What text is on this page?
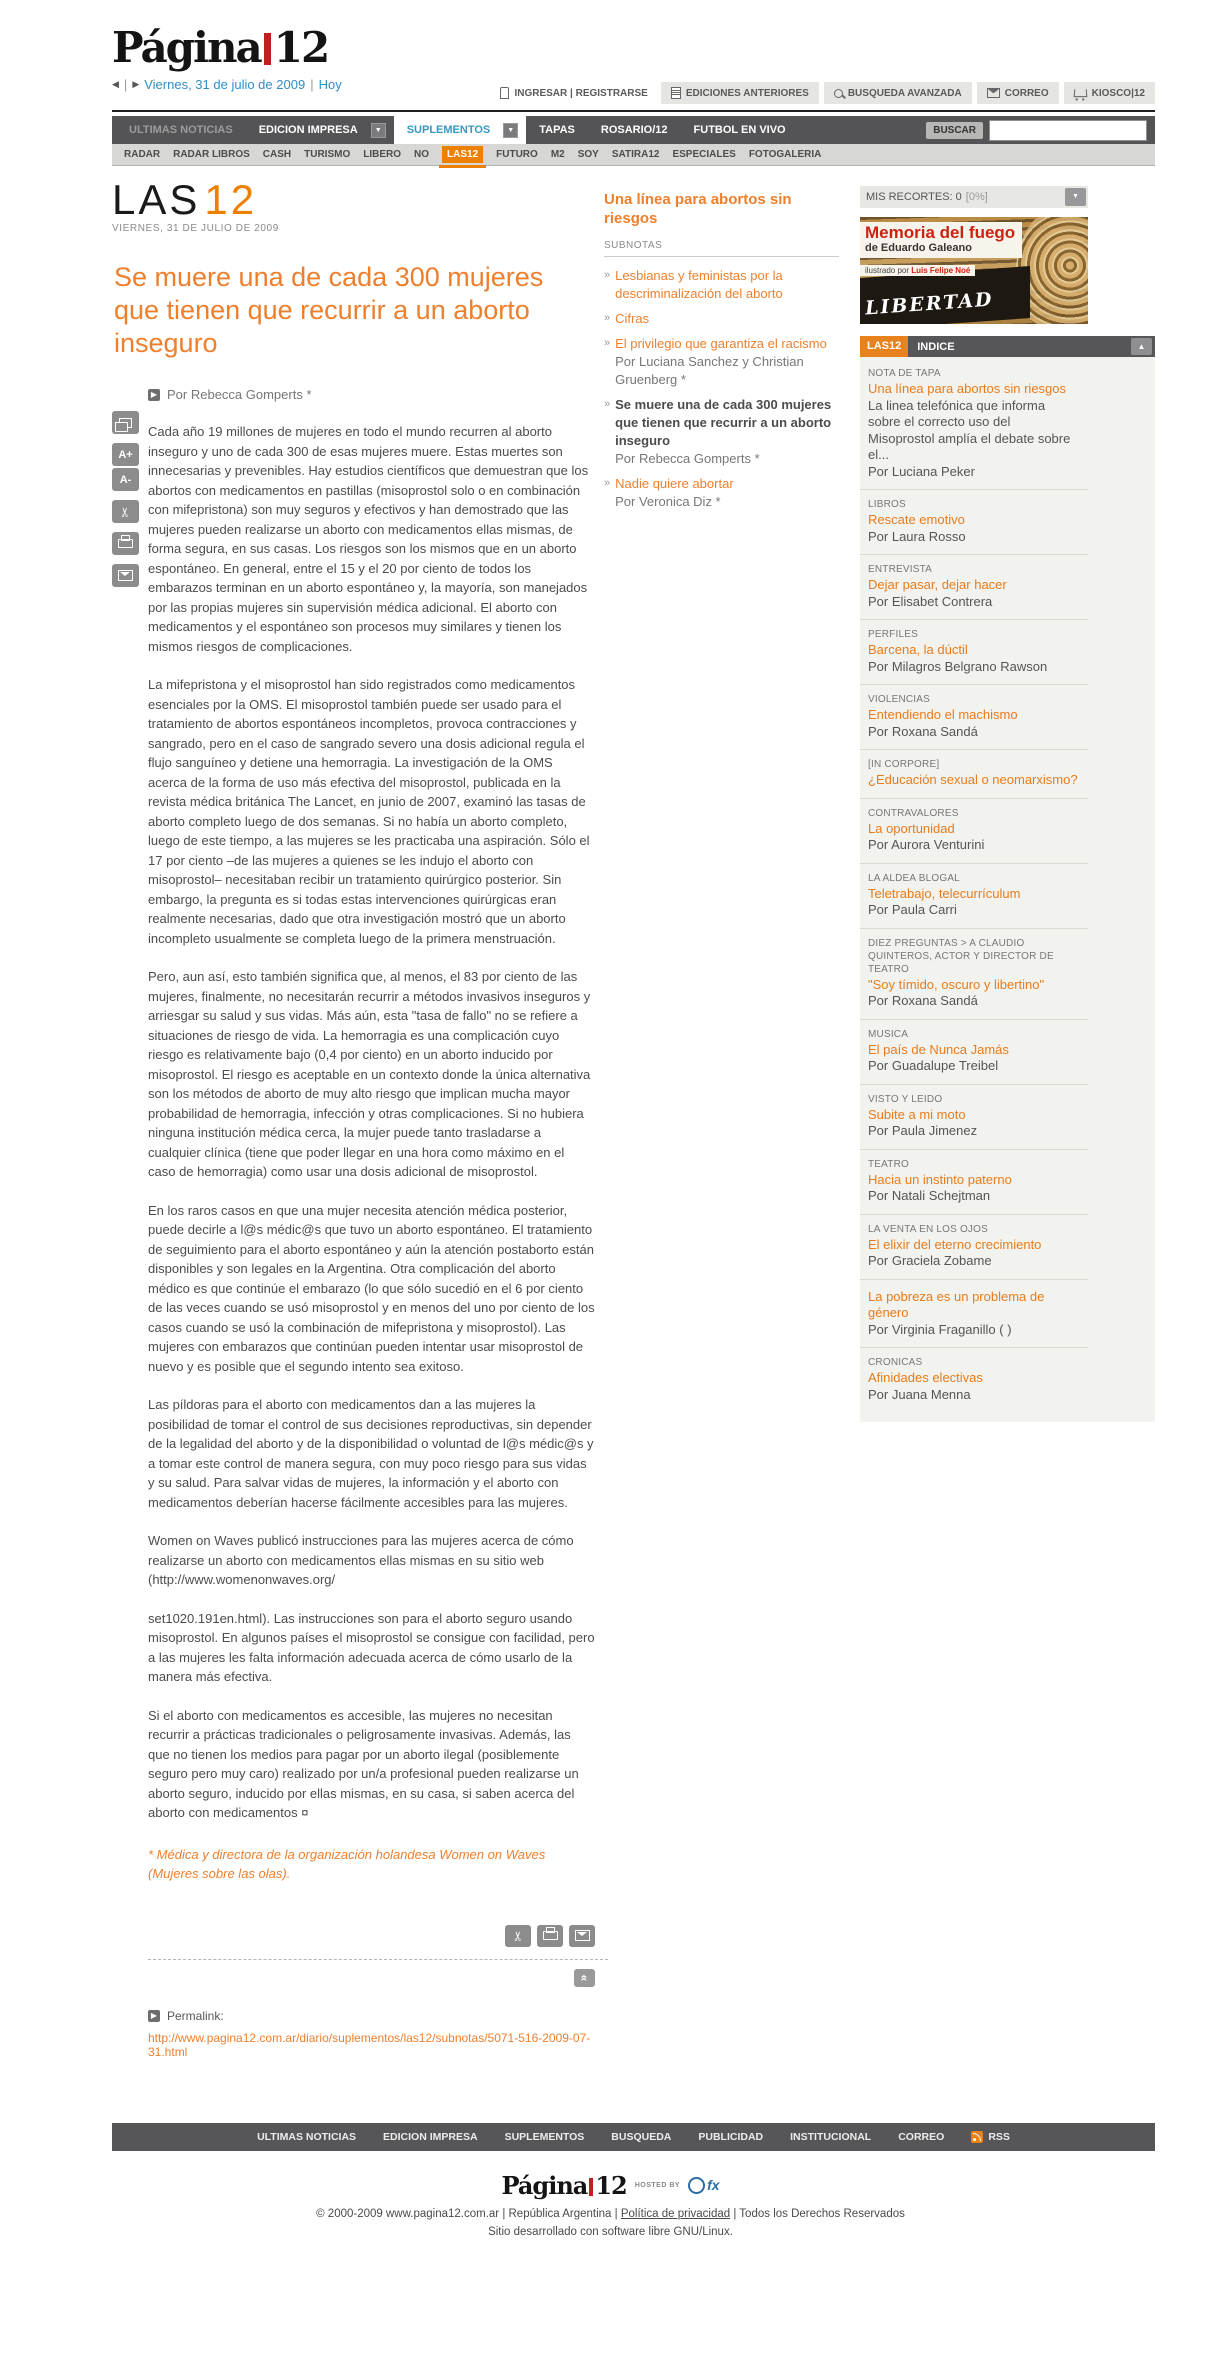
Página 12
◀ | ▶ Viernes, 31 de julio de 2009 | Hoy
INGRESAR | REGISTRARSE	EDICIONES ANTERIORES	BUSQUEDA AVANZADA	CORREO	KIOSCO|12
ULTIMAS NOTICIAS	EDICION IMPRESA	▼	SUPLEMENTOS	▼	TAPAS	ROSARIO/12	FUTBOL EN VIVO	BUSCAR
RADAR RADAR LIBROS CASH TURISMO LIBERO NO	LAS12	FUTURO M2 SOY SATIRA12 ESPECIALES FOTOGALERIA
LAS12
VIERNES, 31 DE JULIO DE 2009
Se muere una de cada 300 mujeres que tienen que recurrir a un aborto inseguro
▶ Por Rebecca Gomperts *
A+
A-
✂

Cada año 19 millones de mujeres en todo el mundo recurren al aborto inseguro y uno de cada 300 de esas mujeres muere. Estas muertes son innecesarias y prevenibles. Hay estudios científicos que demuestran que los abortos con medicamentos en pastillas (misoprostol solo o en combinación con mifepristona) son muy seguros y efectivos y han demostrado que las mujeres pueden realizarse un aborto con medicamentos ellas mismas, de forma segura, en sus casas. Los riesgos son los mismos que en un aborto espontáneo. En general, entre el 15 y el 20 por ciento de todos los embarazos terminan en un aborto espontáneo y, la mayoría, son manejados por las propias mujeres sin supervisión médica adicional. El aborto con medicamentos y el espontáneo son procesos muy similares y tienen los mismos riesgos de complicaciones.

La mifepristona y el misoprostol han sido registrados como medicamentos esenciales por la OMS. El misoprostol también puede ser usado para el tratamiento de abortos espontáneos incompletos, provoca contracciones y sangrado, pero en el caso de sangrado severo una dosis adicional regula el flujo sanguíneo y detiene una hemorragia. La investigación de la OMS acerca de la forma de uso más efectiva del misoprostol, publicada en la revista médica británica The Lancet, en junio de 2007, examinó las tasas de aborto completo luego de dos semanas. Si no había un aborto completo, luego de este tiempo, a las mujeres se les practicaba una aspiración. Sólo el 17 por ciento –de las mujeres a quienes se les indujo el aborto con misoprostol– necesitaban recibir un tratamiento quirúrgico posterior. Sin embargo, la pregunta es si todas estas intervenciones quirúrgicas eran realmente necesarias, dado que otra investigación mostró que un aborto incompleto usualmente se completa luego de la primera menstruación.

Pero, aun así, esto también significa que, al menos, el 83 por ciento de las mujeres, finalmente, no necesitarán recurrir a métodos invasivos inseguros y arriesgar su salud y sus vidas. Más aún, esta "tasa de fallo" no se refiere a situaciones de riesgo de vida. La hemorragia es una complicación cuyo riesgo es relativamente bajo (0,4 por ciento) en un aborto inducido por misoprostol. El riesgo es aceptable en un contexto donde la única alternativa son los métodos de aborto de muy alto riesgo que implican mucha mayor probabilidad de hemorragia, infección y otras complicaciones. Si no hubiera ninguna institución médica cerca, la mujer puede tanto trasladarse a cualquier clínica (tiene que poder llegar en una hora como máximo en el caso de hemorragia) como usar una dosis adicional de misoprostol.

En los raros casos en que una mujer necesita atención médica posterior, puede decirle a l@s médic@s que tuvo un aborto espontáneo. El tratamiento de seguimiento para el aborto espontáneo y aún la atención postaborto están disponibles y son legales en la Argentina. Otra complicación del aborto médico es que continúe el embarazo (lo que sólo sucedió en el 6 por ciento de las veces cuando se usó misoprostol y en menos del uno por ciento de los casos cuando se usó la combinación de mifepristona y misoprostol). Las mujeres con embarazos que continúan pueden intentar usar misoprostol de nuevo y es posible que el segundo intento sea exitoso.

Las píldoras para el aborto con medicamentos dan a las mujeres la posibilidad de tomar el control de sus decisiones reproductivas, sin depender de la legalidad del aborto y de la disponibilidad o voluntad de l@s médic@s y a tomar este control de manera segura, con muy poco riesgo para sus vidas y su salud. Para salvar vidas de mujeres, la información y el aborto con medicamentos deberían hacerse fácilmente accesibles para las mujeres.

Women on Waves publicó instrucciones para las mujeres acerca de cómo realizarse un aborto con medicamentos ellas mismas en su sitio web (http://www.womenonwaves.org/

set1020.191en.html). Las instrucciones son para el aborto seguro usando misoprostol. En algunos países el misoprostol se consigue con facilidad, pero a las mujeres les falta información adecuada acerca de cómo usarlo de la manera más efectiva.

Si el aborto con medicamentos es accesible, las mujeres no necesitan recurrir a prácticas tradicionales o peligrosamente invasivas. Además, las que no tienen los medios para pagar por un aborto ilegal (posiblemente seguro pero muy caro) realizado por un/a profesional pueden realizarse un aborto seguro, inducido por ellas mismas, en su casa, si saben acerca del aborto con medicamentos ¤

* Médica y directora de la organización holandesa Women on Waves (Mujeres sobre las olas).
✂
«
▶ Permalink:
http://www.pagina12.com.ar/diario/suplementos/las12/subnotas/5071-516-2009-07-31.html
Una línea para abortos sin riesgos
SUBNOTAS
» Lesbianas y feministas por la descriminalización del aborto
» Cifras
» El privilegio que garantiza el racismo
Por Luciana Sanchez y Christian Gruenberg *
» Se muere una de cada 300 mujeres que tienen que recurrir a un aborto inseguro
Por Rebecca Gomperts *
» Nadie quiere abortar
Por Veronica Diz *
MIS RECORTES: 0 [0%]	▼
Memoria del fuego
de Eduardo Galeano
ilustrado por Luis Felipe Noé
LIBERTAD
LAS12	INDICE	▲
NOTA DE TAPA
Una línea para abortos sin riesgos
La linea telefónica que informa sobre el correcto uso del Misoprostol amplía el debate sobre el...
Por Luciana Peker
LIBROS
Rescate emotivo
Por Laura Rosso
ENTREVISTA
Dejar pasar, dejar hacer
Por Elisabet Contrera
PERFILES
Barcena, la dúctil
Por Milagros Belgrano Rawson
VIOLENCIAS
Entendiendo el machismo
Por Roxana Sandá
[IN CORPORE]
¿Educación sexual o neomarxismo?
CONTRAVALORES
La oportunidad
Por Aurora Venturini
LA ALDEA BLOGAL
Teletrabajo, telecurrículum
Por Paula Carri
DIEZ PREGUNTAS > A CLAUDIO QUINTEROS, ACTOR Y DIRECTOR DE TEATRO
"Soy tímido, oscuro y libertino"
Por Roxana Sandá
MUSICA
El país de Nunca Jamás
Por Guadalupe Treibel
VISTO Y LEIDO
Subite a mi moto
Por Paula Jimenez
TEATRO
Hacia un instinto paterno
Por Natali Schejtman
LA VENTA EN LOS OJOS
El elixir del eterno crecimiento
Por Graciela Zobame
La pobreza es un problema de género
Por Virginia Fraganillo ( )
CRONICAS
Afinidades electivas
Por Juana Menna
ULTIMAS NOTICIAS	EDICION IMPRESA	SUPLEMENTOS	BUSQUEDA	PUBLICIDAD	INSTITUCIONAL	CORREO	RSS
Página 12 HOSTED BY fx
© 2000-2009 www.pagina12.com.ar | República Argentina | Política de privacidad | Todos los Derechos Reservados
Sitio desarrollado con software libre GNU/Linux.
